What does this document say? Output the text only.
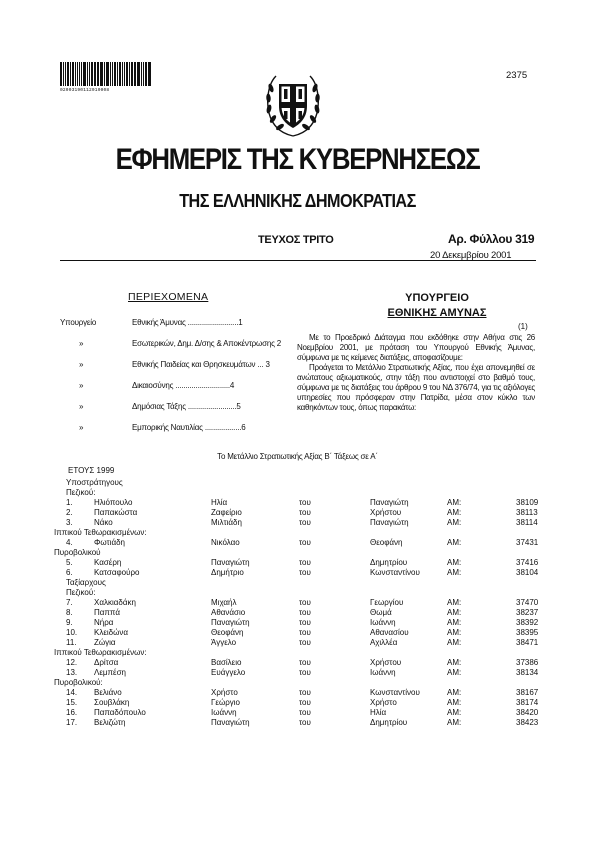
02003190112010008
2375
ΕΦΗΜΕΡΙΣ ΤΗΣ ΚΥΒΕΡΝΗΣΕΩΣ
ΤΗΣ ΕΛΛΗΝΙΚΗΣ ΔΗΜΟΚΡΑΤΙΑΣ
ΤΕΥΧΟΣ ΤΡΙΤΟ	Αρ. Φύλλου 319
20 Δεκεμβρίου 2001
ΠΕΡΙΕΧΟΜΕΝΑ
Υπουργείο	Εθνικής Άμυνας .........................1
»	Εσωτερικών, Δημ. Δ/σης & Αποκέντρωσης 2
»	Εθνικής Παιδείας και Θρησκευμάτων ... 3
»	Δικαιοσύνης ...........................4
»	Δημόσιας Τάξης ........................5
»	Εμπορικής Ναυτιλίας ..................6
ΥΠΟΥΡΓΕΙΟ
ΕΘΝΙΚΗΣ ΑΜΥΝΑΣ
(1)

Με το Προεδρικό Διάταγμα που εκδόθηκε στην Αθήνα στις 26 Νοεμβρίου 2001, με πρόταση του Υπουργού Εθνικής Άμυνας, σύμφωνα με τις κείμενες διατάξεις, αποφασίζουμε:

Προάγεται το Μετάλλιο Στρατιωτικής Αξίας, που έχει απονεμηθεί σε ανώτατους αξιωματικούς, στην τάξη που αντιστοιχεί στο βαθμό τους, σύμφωνα με τις διατάξεις του άρθρου 9 του ΝΔ 376/74, για τις αξιόλογες υπηρεσίες που πρόσφεραν στην Πατρίδα, μέσα στον κύκλο των καθηκόντων τους, όπως παρακάτω:

Το Μετάλλιο Στρατιωτικής Αξίας Β΄ Τάξεως σε Α΄
ΕΤΟΥΣ 1999
Υποστράτηγους
Πεζικού:
1.	Ηλιόπουλο	Ηλία	του	Παναγιώτη	ΑΜ:	38109
2.	Παπακώστα	Ζαφείριο	του	Χρήστου	ΑΜ:	38113
3.	Νάκο	Μιλτιάδη	του	Παναγιώτη	ΑΜ:	38114
Ιππικού Τεθωρακισμένων:
4.	Φωτιάδη	Νικόλαο	του	Θεοφάνη	ΑΜ:	37431
Πυροβολικού
5.	Κασέρη	Παναγιώτη	του	Δημητρίου	ΑΜ:	37416
6.	Κατσαφούρο	Δημήτριο	του	Κωνσταντίνου	ΑΜ:	38104
Ταξίαρχους
Πεζικού:
7.	Χαλκιαδάκη	Μιχαήλ	του	Γεωργίου	ΑΜ:	37470
8.	Παππά	Αθανάσιο	του	Θωμά	ΑΜ:	38237
9.	Νήρα	Παναγιώτη	του	Ιωάννη	ΑΜ:	38392
10. Κλειδώνα	Θεοφάνη	του	Αθανασίου	ΑΜ:	38395
11. Ζώγια	Άγγελο	του	Αχιλλέα	ΑΜ:	38471
Ιππικού Τεθωρακισμένων:
12. Δρίτσα	Βασίλειο	του	Χρήστου	ΑΜ:	37386
13. Λεμπέση	Ευάγγελο	του	Ιωάννη	ΑΜ:	38134
Πυροβολικού:
14. Βελιάνο	Χρήστο	του	Κωνσταντίνου	ΑΜ:	38167
15. Σουβλάκη	Γεώργιο	του	Χρήστο	ΑΜ:	38174
16. Παπαδόπουλο	Ιωάννη	του	Ηλία	ΑΜ:	38420
17. Βελιζώτη	Παναγιώτη	του	Δημητρίου	ΑΜ:	38423
